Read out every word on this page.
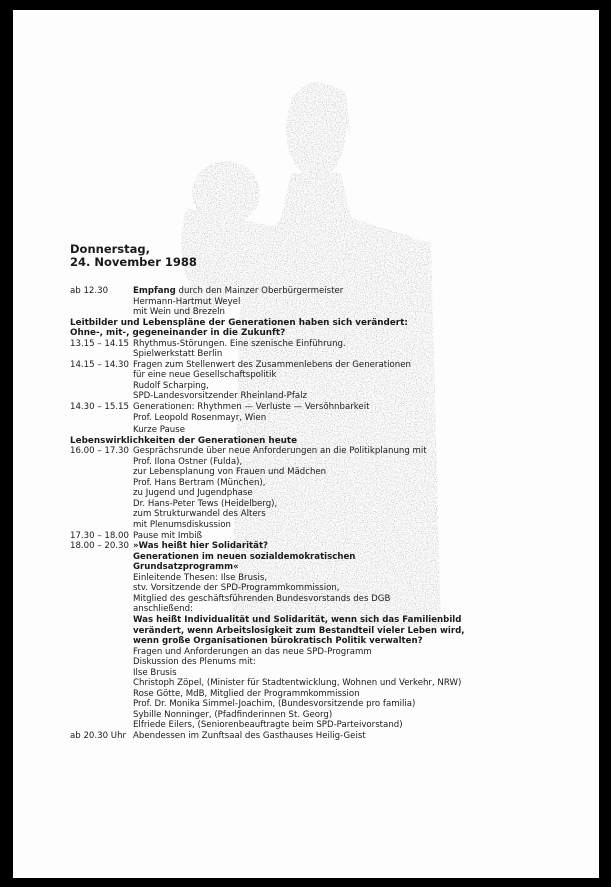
Donnerstag,
24. November 1988
ab 12.30	Empfang durch den Mainzer Oberbürgermeister
Hermann-Hartmut Weyel
mit Wein und Brezeln
Leitbilder und Lebenspläne der Generationen haben sich verändert:
Ohne-, mit-, gegeneinander in die Zukunft?
13.15 – 14.15 Rhythmus-Störungen. Eine szenische Einführung.
Spielwerkstatt Berlin
14.15 – 14.30 Fragen zum Stellenwert des Zusammenlebens der Generationen
für eine neue Gesellschaftspolitik
Rudolf Scharping,
SPD-Landesvorsitzender Rheinland-Pfalz
14.30 – 15.15 Generationen: Rhythmen — Verluste — Versöhnbarkeit
Prof. Leopold Rosenmayr, Wien
Kurze Pause
Lebenswirklichkeiten der Generationen heute
16.00 – 17.30 Gesprächsrunde über neue Anforderungen an die Politikplanung mit
Prof. Ilona Ostner (Fulda),
zur Lebensplanung von Frauen und Mädchen
Prof. Hans Bertram (München),
zu Jugend und Jugendphase
Dr. Hans-Peter Tews (Heidelberg),
zum Strukturwandel des Alters
mit Plenumsdiskussion
17.30 – 18.00 Pause mit Imbiß
18.00 – 20.30 »Was heißt hier Solidarität?
Generationen im neuen sozialdemokratischen
Grundsatzprogramm«
Einleitende Thesen: Ilse Brusis,
stv. Vorsitzende der SPD-Programmkommission,
Mitglied des geschäftsführenden Bundesvorstands des DGB
anschließend:
Was heißt Individualität und Solidarität, wenn sich das Familienbild
verändert, wenn Arbeitslosigkeit zum Bestandteil vieler Leben wird,
wenn große Organisationen bürokratisch Politik verwalten?
Fragen und Anforderungen an das neue SPD-Programm
Diskussion des Plenums mit:
Ilse Brusis
Christoph Zöpel, (Minister für Stadtentwicklung, Wohnen und Verkehr, NRW)
Rose Götte, MdB, Mitglied der Programmkommission
Prof. Dr. Monika Simmel-Joachim, (Bundesvorsitzende pro familia)
Sybille Nonninger, (Pfadfinderinnen St. Georg)
Elfriede Eilers, (Seniorenbeauftragte beim SPD-Parteivorstand)
ab 20.30 Uhr Abendessen im Zunftsaal des Gasthauses Heilig-Geist
